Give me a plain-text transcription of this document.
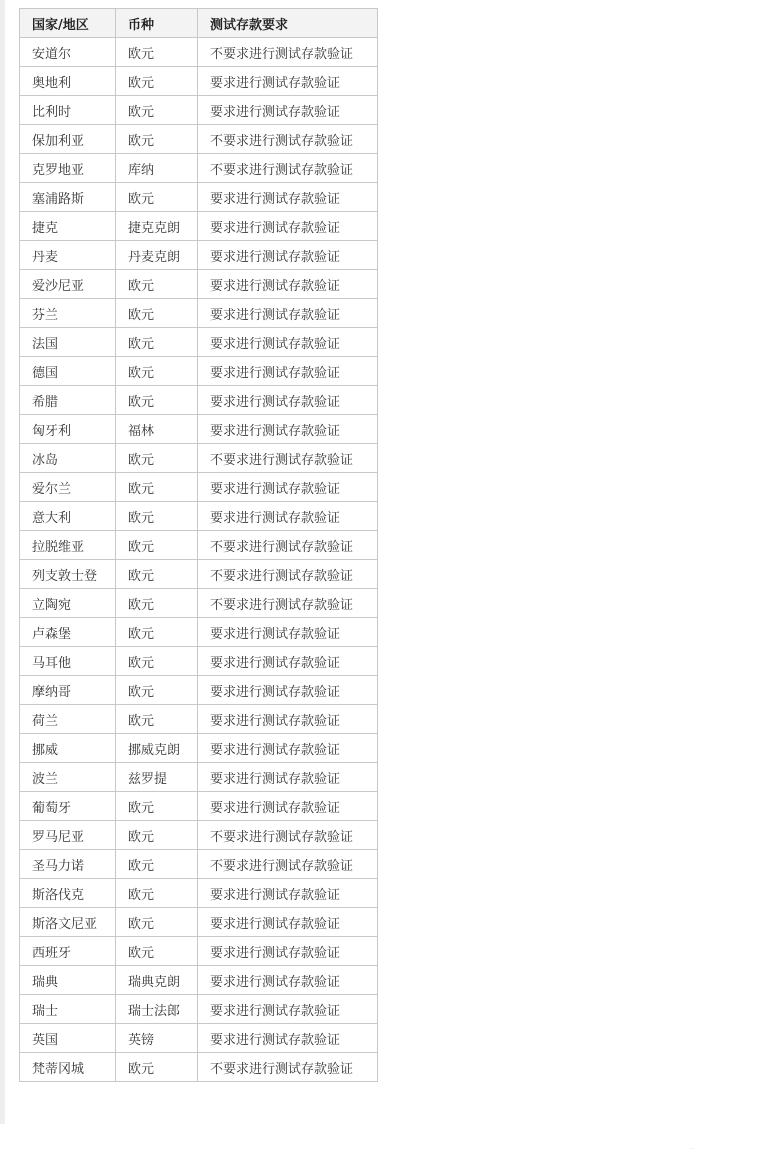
国家/地区	币种	测试存款要求
安道尔	欧元	不要求进行测试存款验证
奥地利	欧元	要求进行测试存款验证
比利时	欧元	要求进行测试存款验证
保加利亚	欧元	不要求进行测试存款验证
克罗地亚	库纳	不要求进行测试存款验证
塞浦路斯	欧元	要求进行测试存款验证
捷克	捷克克朗	要求进行测试存款验证
丹麦	丹麦克朗	要求进行测试存款验证
爱沙尼亚	欧元	要求进行测试存款验证
芬兰	欧元	要求进行测试存款验证
法国	欧元	要求进行测试存款验证
德国	欧元	要求进行测试存款验证
希腊	欧元	要求进行测试存款验证
匈牙利	福林	要求进行测试存款验证
冰岛	欧元	不要求进行测试存款验证
爱尔兰	欧元	要求进行测试存款验证
意大利	欧元	要求进行测试存款验证
拉脱维亚	欧元	不要求进行测试存款验证
列支敦士登	欧元	不要求进行测试存款验证
立陶宛	欧元	不要求进行测试存款验证
卢森堡	欧元	要求进行测试存款验证
马耳他	欧元	要求进行测试存款验证
摩纳哥	欧元	要求进行测试存款验证
荷兰	欧元	要求进行测试存款验证
挪威	挪威克朗	要求进行测试存款验证
波兰	兹罗提	要求进行测试存款验证
葡萄牙	欧元	要求进行测试存款验证
罗马尼亚	欧元	不要求进行测试存款验证
圣马力诺	欧元	不要求进行测试存款验证
斯洛伐克	欧元	要求进行测试存款验证
斯洛文尼亚	欧元	要求进行测试存款验证
西班牙	欧元	要求进行测试存款验证
瑞典	瑞典克朗	要求进行测试存款验证
瑞士	瑞士法郎	要求进行测试存款验证
英国	英镑	要求进行测试存款验证
梵蒂冈城	欧元	不要求进行测试存款验证
··
